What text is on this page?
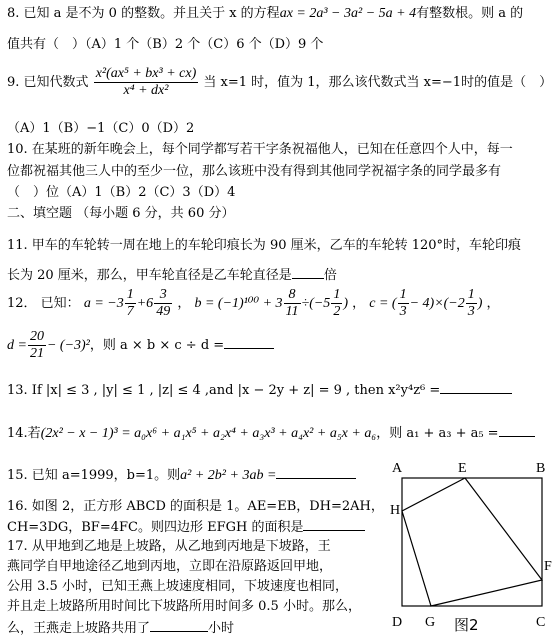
8. 已知 a 是不为 0 的整数。并且关于 x 的方程ax = 2a³ − 3a² − 5a + 4有整数根。则 a 的
值共有（　）（A）1 个（B）2 个（C）6 个（D）9 个
9. 已知代数式 $\frac{\text{x²(ax⁵ + bx³ + cx)}}{\text{x⁴ + dx²}}$ 当 x=1 时，值为 1，那么该代数式当 x=−1时的值是（　）
（A）1（B）−1（C）0（D）2
10. 在某班的新年晚会上，每个同学都写若干字条祝福他人，已知在任意四个人中，每一
位都祝福其他三人中的至少一位，那么该班中没有得到其他同学祝福字条的同学最多有
（　）位（A）1（B）2（C）3（D）4
二、填空题 （每小题 6 分，共 60 分）
11. 甲车的车轮转一周在地上的车轮印痕长为 90 厘米，乙车的车轮转 120°时，车轮印痕
长为 20 厘米，那么，甲车轮直径是乙车轮直径是 倍
12． 已知： $a = -3 \frac{1}{7} +6 \frac{3}{49}$ ， $b = (-1)^{100} + 3 \frac{8}{11} \div(-5 \frac{1}{2}$ ) ， c = ( $\frac{1}{3} - 4)\times(-2 \frac{1}{3}$ ) ，
$d = \frac{20}{21} - (-3)^2$，则 a × b × c ÷ d =
13. If |x| ≤ 3 , |y| ≤ 1 , |z| ≤ 4 ,and |x − 2y + z| = 9 , then x²y⁴z⁶ =
14.若(2x² − x − 1)³ = a₀x⁶ + a₁x⁵ + a₂x⁴ + a₃x³ + a₄x² + a₅x + a₆，则 a₁ + a₃ + a₅ =
15. 已知 a=1999，b=1。则a² + 2b² + 3ab =
16. 如图 2，正方形 ABCD 的面积是 1。AE=EB，DH=2AH，
CH=3DG，BF=4FC。则四边形 EFGH 的面积是
17. 从甲地到乙地是上坡路，从乙地到丙地是下坡路，王
燕同学自甲地途径乙地到丙地，立即在沿原路返回甲地，
公用 3.5 小时，已知王燕上坡速度相同，下坡速度也相同，
并且走上坡路所用时间比下坡路所用时间多 0.5 小时。那么，
么，王燕走上坡路共用了	小时
A	E	B
H
F
D G	C
图2
